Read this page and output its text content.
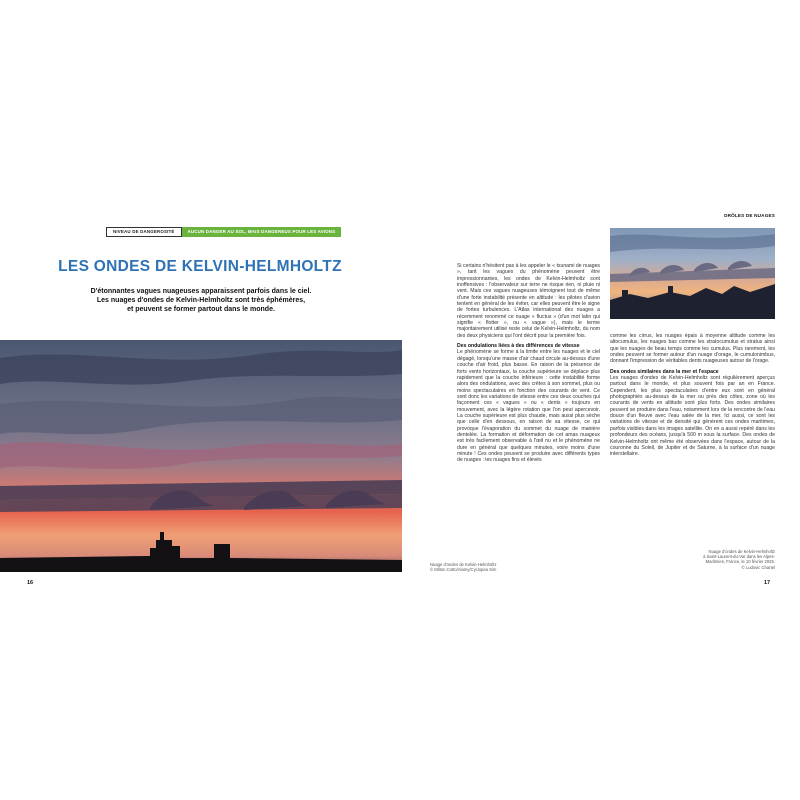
NIVEAU DE DANGEROSITÉ	AUCUN DANGER AU SOL, MAIS DANGEREUX POUR LES AVIONS
LES ONDES DE KELVIN-HELMHOLTZ

D'étonnantes vagues nuageuses apparaissent parfois dans le ciel.
Les nuages d'ondes de Kelvin-Helmholtz sont très éphémères,
et peuvent se former partout dans le monde.

16
DRÔLES DE NUAGES

Si certains n'hésitent pas à les appeler le « tsunami de nuages », tant les vagues du phénomène peuvent être impressionnantes, les ondes de Kelvin-Helmholtz sont inoffensives : l'observateur sur terre ne risque rien, ni pluie ni vent. Mais ces vagues nuageuses témoignent tout de même d'une forte instabilité présente en altitude : les pilotes d'avion tentent en général de les éviter, car elles peuvent être le signe de fortes turbulences. L'Atlas international des nuages a récemment renommé ce nuage « fluctus » (d'un mot latin qui signifie « flotter », ou « vague »), mais le terme majoritairement utilisé reste celui de Kelvin-Helmholtz, du nom des deux physiciens qui l'ont décrit pour la première fois.

Des ondulations liées à des différences de vitesse

Le phénomène se forme à la limite entre les nuages et le ciel dégagé, lorsqu'une masse d'air chaud circule au-dessus d'une couche d'air froid, plus basse. En raison de la présence de forts vents horizontaux, la couche supérieure se déplace plus rapidement que la couche inférieure : cette instabilité forme alors des ondulations, avec des crêtes à son sommet, plus ou moins spectaculaires en fonction des courants de vent. Ce sont donc les variations de vitesse entre ces deux couches qui façonnent ces « vagues » ou « dents » toujours en mouvement, avec la légère rotation que l'on peut apercevoir. La couche supérieure est plus chaude, mais aussi plus sèche que celle d'en dessous, en raison de sa vitesse, ce qui provoque l'évaporation du sommet du nuage de manière dentelée. La formation et déformation de cet amas nuageux est très facilement observable à l'œil nu et le phénomène ne dure en général que quelques minutes, voire moins d'une minute ! Ces ondes peuvent se produire avec différents types de nuages : les nuages fins et élevés

comme les cirrus, les nuages épais à moyenne altitude comme les altocumulus, les nuages bas comme les stratocumulus et stratus ainsi que les nuages de beau temps comme les cumulus. Plus rarement, les ondes peuvent se former autour d'un nuage d'orage, le cumulonimbus, donnant l'impression de véritables dents nuageuses autour de l'orage.

Des ondes similaires dans la mer et l'espace

Les nuages d'ondes de Kelvin-Helmholtz sont régulièrement aperçus partout dans le monde, et plus souvent fois par an en France. Cependent, les plus spectaculaires d'entre eux sont en général photographiés au-dessus de la mer ou près des côtes, zone où les courants de vents en altitude sont plus forts. Des ondes similaires peuvent se produire dans l'eau, notamment lors de la rencontre de l'eau douce d'un fleuve avec l'eau salée de la mer. Ici aussi, ce sont les variations de vitesse et de densité qui génèrent ces ondes maritimes, parfois visibles dans les images satellite. On en a aussi repéré dans les profondeurs des océans, jusqu'à 500 m sous la surface. Des ondes de Kelvin-Helmholtz ont même été observées dans l'espace, autour de la couronne du Soleil, de Jupiter et de Saturne, à la surface d'un nuage interstellaire.

Nuage d'ondes de Kelvin-Helmholtz
© Milton Cotto/Alamy/Cyclopea Sim
Nuage d'ondes de Kelvin-Helmholtz
à Saint-Laurent-du-Var dans les Alpes-
Maritimes, France, le 10 février 2025.
© Ludovic Chartel
17
